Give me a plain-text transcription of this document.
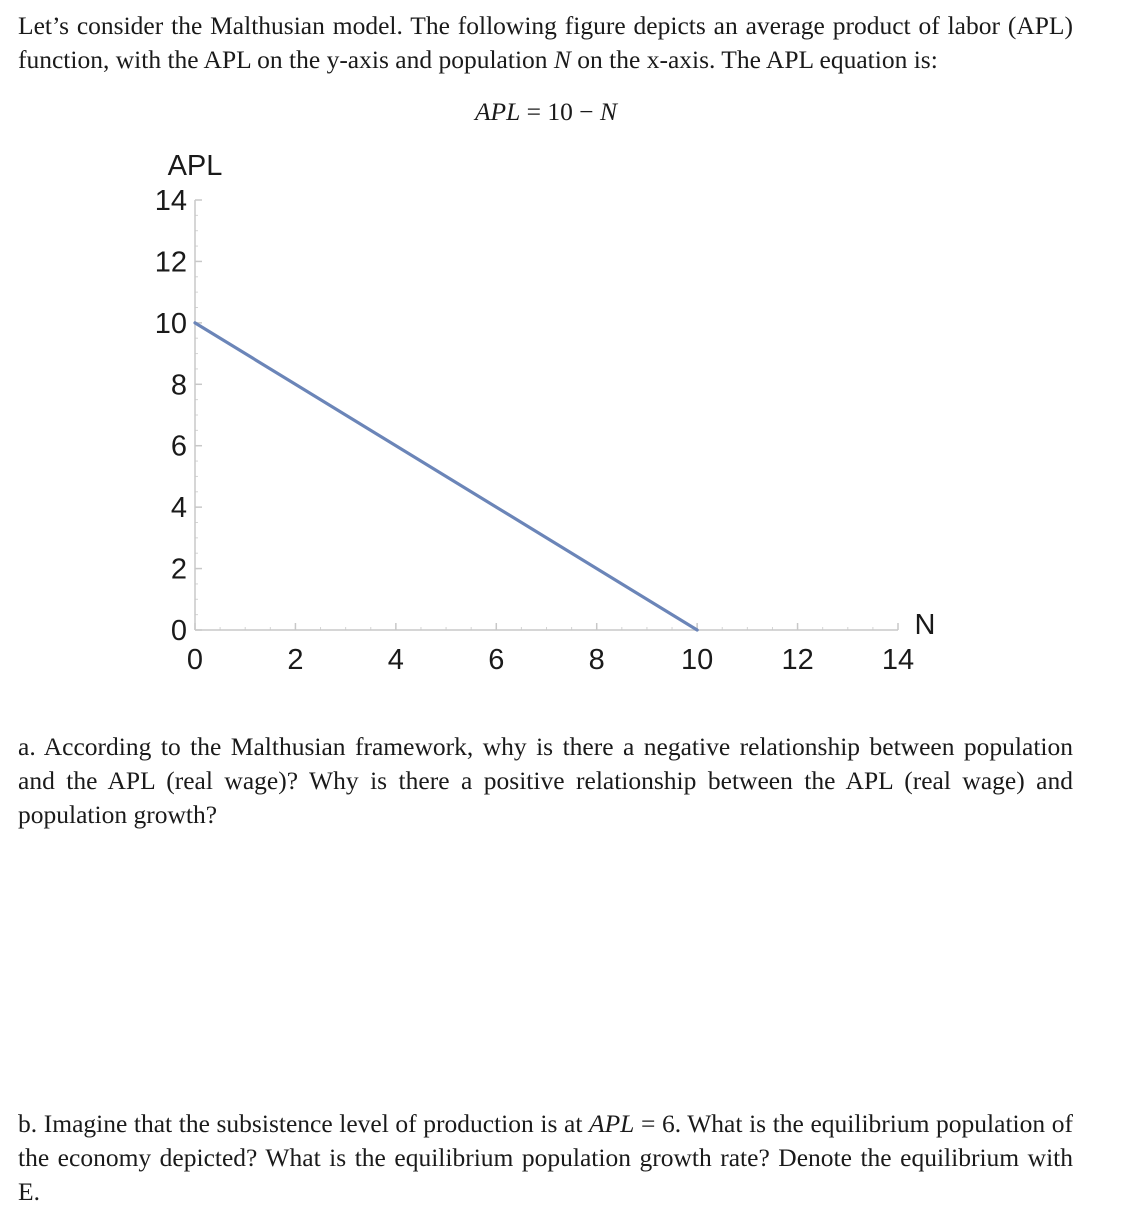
Let’s consider the Malthusian model. The following figure depicts an average product of labor (APL) function, with the APL on the y-axis and population N on the x-axis. The APL equation is:

APL = 10 − N
0
2
4
6
8
10
12
14
0	2	4	6	8	10 12 14
APL
N

a. According to the Malthusian framework, why is there a negative relationship between population and the APL (real wage)? Why is there a positive relationship between the APL (real wage) and population growth?

b. Imagine that the subsistence level of production is at APL = 6. What is the equilibrium population of the economy depicted? What is the equilibrium population growth rate? Denote the equilibrium with E.
